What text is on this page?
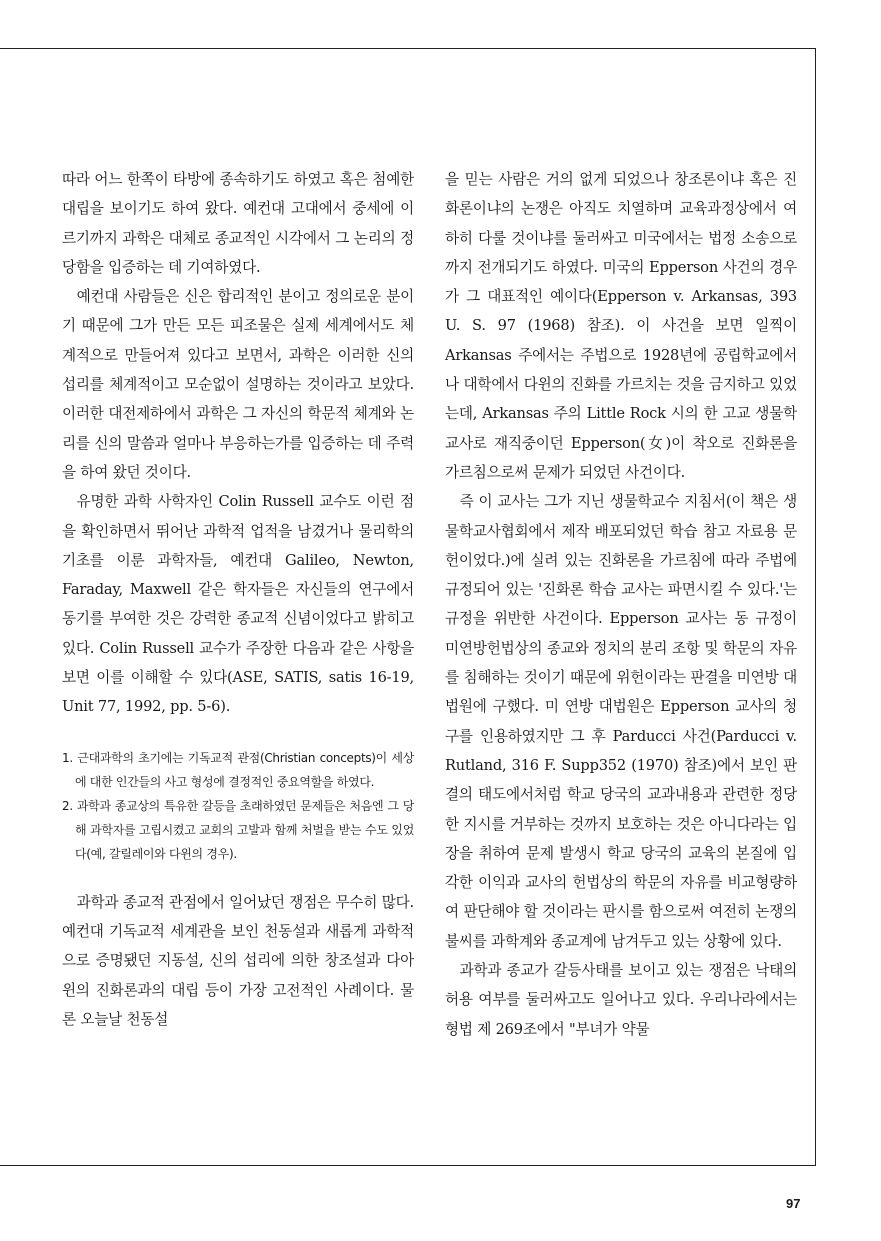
따라 어느 한쪽이 타방에 종속하기도 하였고 혹은 첨예한 대립을 보이기도 하여 왔다. 예컨대 고대에서 중세에 이르기까지 과학은 대체로 종교적인 시각에서 그 논리의 정당함을 입증하는 데 기여하였다.

예컨대 사람들은 신은 합리적인 분이고 정의로운 분이기 때문에 그가 만든 모든 피조물은 실제 세계에서도 체계적으로 만들어져 있다고 보면서, 과학은 이러한 신의 섭리를 체계적이고 모순없이 설명하는 것이라고 보았다. 이러한 대전제하에서 과학은 그 자신의 학문적 체계와 논리를 신의 말씀과 얼마나 부응하는가를 입증하는 데 주력을 하여 왔던 것이다.

유명한 과학 사학자인 Colin Russell 교수도 이런 점을 확인하면서 뛰어난 과학적 업적을 남겼거나 물리학의 기초를 이룬 과학자들, 예컨대 Galileo, Newton, Faraday, Maxwell 같은 학자들은 자신들의 연구에서 동기를 부여한 것은 강력한 종교적 신념이었다고 밝히고 있다. Colin Russell 교수가 주장한 다음과 같은 사항을 보면 이를 이해할 수 있다(ASE, SATIS, satis 16-19, Unit 77, 1992, pp. 5-6).

1. 근대과학의 초기에는 기독교적 관점(Christian concepts)이 세상에 대한 인간들의 사고 형성에 결정적인 중요역할을 하였다.
2. 과학과 종교상의 특유한 갈등을 초래하였던 문제들은 처음엔 그 당해 과학자를 고립시켰고 교회의 고발과 함께 처벌을 받는 수도 있었다(예, 갈릴레이와 다윈의 경우).

과학과 종교적 관점에서 일어났던 쟁점은 무수히 많다. 예컨대 기독교적 세계관을 보인 천동설과 새롭게 과학적으로 증명됐던 지동설, 신의 섭리에 의한 창조설과 다아윈의 진화론과의 대립 등이 가장 고전적인 사례이다. 물론 오늘날 천동설

을 믿는 사람은 거의 없게 되었으나 창조론이냐 혹은 진화론이냐의 논쟁은 아직도 치열하며 교육과정상에서 여하히 다룰 것이냐를 둘러싸고 미국에서는 법정 소송으로까지 전개되기도 하였다. 미국의 Epperson 사건의 경우가 그 대표적인 예이다(Epperson v. Arkansas, 393 U. S. 97 (1968) 참조). 이 사건을 보면 일찍이 Arkansas 주에서는 주법으로 1928년에 공립학교에서나 대학에서 다윈의 진화를 가르치는 것을 금지하고 있었는데, Arkansas 주의 Little Rock 시의 한 고교 생물학 교사로 재직중이던 Epperson(女)이 착오로 진화론을 가르침으로써 문제가 되었던 사건이다.

즉 이 교사는 그가 지닌 생물학교수 지침서(이 책은 생물학교사협회에서 제작 배포되었던 학습 참고 자료용 문헌이었다.)에 실려 있는 진화론을 가르침에 따라 주법에 규정되어 있는 '진화론 학습 교사는 파면시킬 수 있다.'는 규정을 위반한 사건이다. Epperson 교사는 동 규정이 미연방헌법상의 종교와 정치의 분리 조항 및 학문의 자유를 침해하는 것이기 때문에 위헌이라는 판결을 미연방 대법원에 구했다. 미 연방 대법원은 Epperson 교사의 청구를 인용하였지만 그 후 Parducci 사건(Parducci v. Rutland, 316 F. Supp352 (1970) 참조)에서 보인 판결의 태도에서처럼 학교 당국의 교과내용과 관련한 정당한 지시를 거부하는 것까지 보호하는 것은 아니다라는 입장을 취하여 문제 발생시 학교 당국의 교육의 본질에 입각한 이익과 교사의 헌법상의 학문의 자유를 비교형량하여 판단해야 할 것이라는 판시를 함으로써 여전히 논쟁의 불씨를 과학계와 종교계에 남겨두고 있는 상황에 있다.

과학과 종교가 갈등사태를 보이고 있는 쟁점은 낙태의 허용 여부를 둘러싸고도 일어나고 있다. 우리나라에서는 형법 제 269조에서 "부녀가 약물

97
